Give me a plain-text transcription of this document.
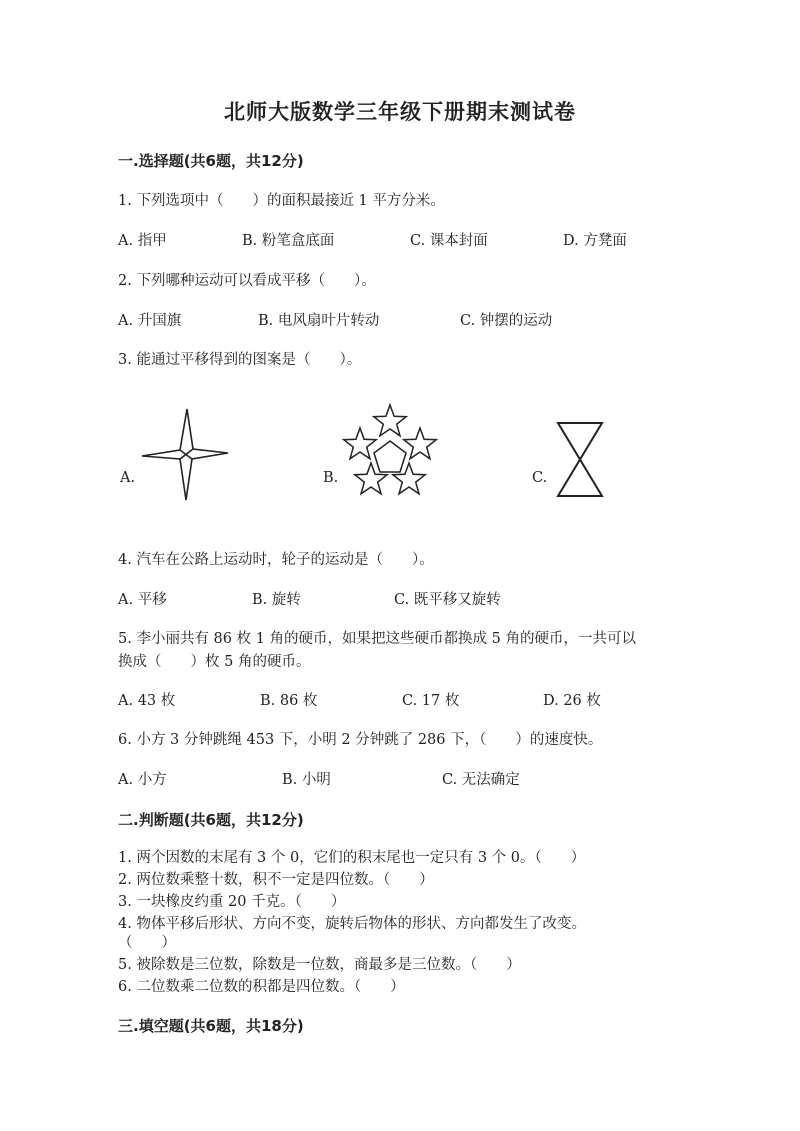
北师大版数学三年级下册期末测试卷
一.选择题(共6题，共12分)
1. 下列选项中（　　）的面积最接近 1 平方分米。
A. 指甲	B. 粉笔盒底面	C. 课本封面	D. 方凳面
2. 下列哪种运动可以看成平移（　　）。
A. 升国旗	B. 电风扇叶片转动	C. 钟摆的运动
3. 能通过平移得到的图案是（　　）。
A.	B.	C.
4. 汽车在公路上运动时，轮子的运动是（　　）。
A. 平移	B. 旋转	C. 既平移又旋转
5. 李小丽共有 86 枚 1 角的硬币，如果把这些硬币都换成 5 角的硬币，一共可以
换成（　　）枚 5 角的硬币。
A. 43 枚	B. 86 枚	C. 17 枚	D. 26 枚
6. 小方 3 分钟跳绳 453 下，小明 2 分钟跳了 286 下，（　　）的速度快。
A. 小方	B. 小明	C. 无法确定
二.判断题(共6题，共12分)
1. 两个因数的末尾有 3 个 0，它们的积末尾也一定只有 3 个 0。（　　）
2. 两位数乘整十数，积不一定是四位数。（　　）
3. 一块橡皮约重 20 千克。（　　）
4. 物体平移后形状、方向不变，旋转后物体的形状、方向都发生了改变。
（　　）
5. 被除数是三位数，除数是一位数，商最多是三位数。（　　）
6. 二位数乘二位数的积都是四位数。（　　）
三.填空题(共6题，共18分)
